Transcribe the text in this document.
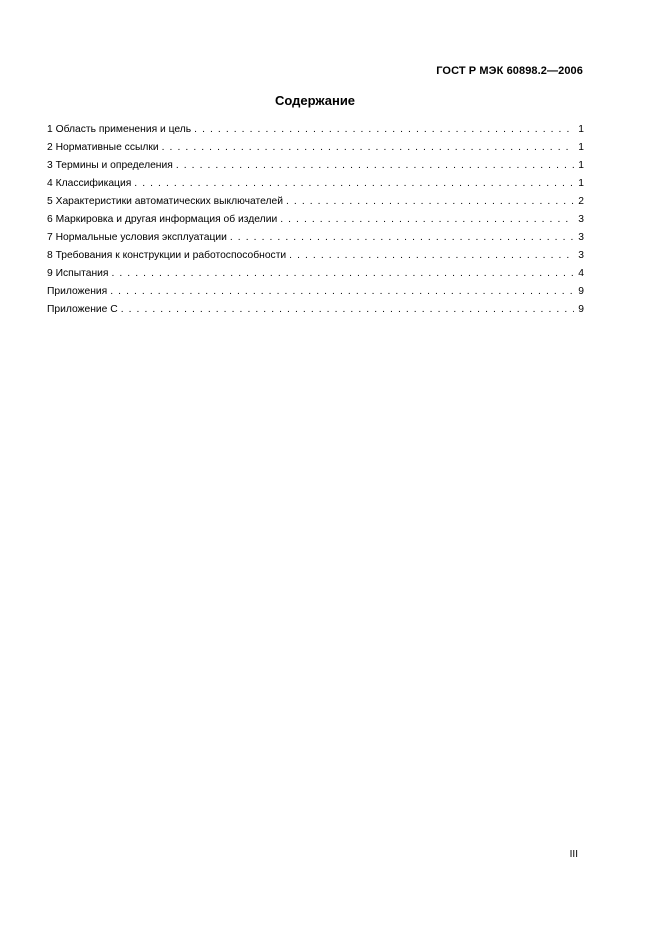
ГОСТ Р МЭК 60898.2—2006
Содержание
1 Область применения и цель . . .	1
2 Нормативные ссылки . . .	1
3 Термины и определения . . .	1
4 Классификация . . .	1
5 Характеристики автоматических выключателей . . .	2
6 Маркировка и другая информация об изделии . . .	3
7 Нормальные условия эксплуатации . . .	3
8 Требования к конструкции и работоспособности . . .	3
9 Испытания . . .	4
Приложения . . .	9
Приложение С . . .	9
III
